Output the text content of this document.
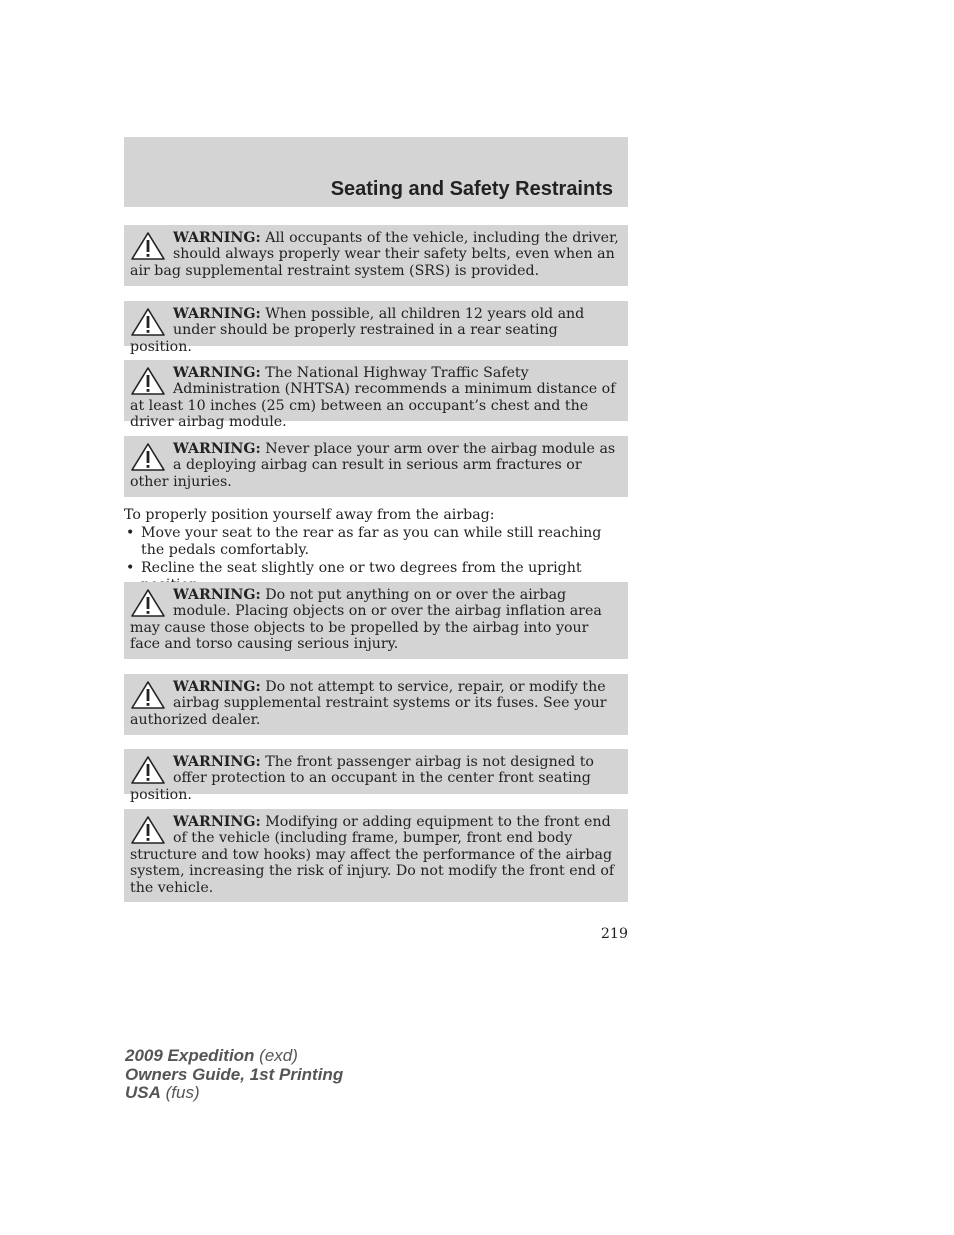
Seating and Safety Restraints
WARNING: All occupants of the vehicle, including the driver, should always properly wear their safety belts, even when an air bag supplemental restraint system (SRS) is provided.
WARNING: When possible, all children 12 years old and under should be properly restrained in a rear seating position.
WARNING: The National Highway Traffic Safety Administration (NHTSA) recommends a minimum distance of at least 10 inches (25 cm) between an occupant’s chest and the driver airbag module.
WARNING: Never place your arm over the airbag module as a deploying airbag can result in serious arm fractures or other injuries.

To properly position yourself away from the airbag:

• Move your seat to the rear as far as you can while still reaching the pedals comfortably.
• Recline the seat slightly one or two degrees from the upright
WARNING: Do not put anything on or over the airbag module. Placing objects on or over the airbag inflation area may cause those objects to be propelled by the airbag into your face and torso causing serious injury.
WARNING: Do not attempt to service, repair, or modify the airbag supplemental restraint systems or its fuses. See your authorized dealer.
WARNING: The front passenger airbag is not designed to offer protection to an occupant in the center front seating position.
WARNING: Modifying or adding equipment to the front end of the vehicle (including frame, bumper, front end body structure and tow hooks) may affect the performance of the airbag system, increasing the risk of injury. Do not modify the front end of the vehicle.
219
2009 Expedition (exd)
Owners Guide, 1st Printing
USA (fus)
